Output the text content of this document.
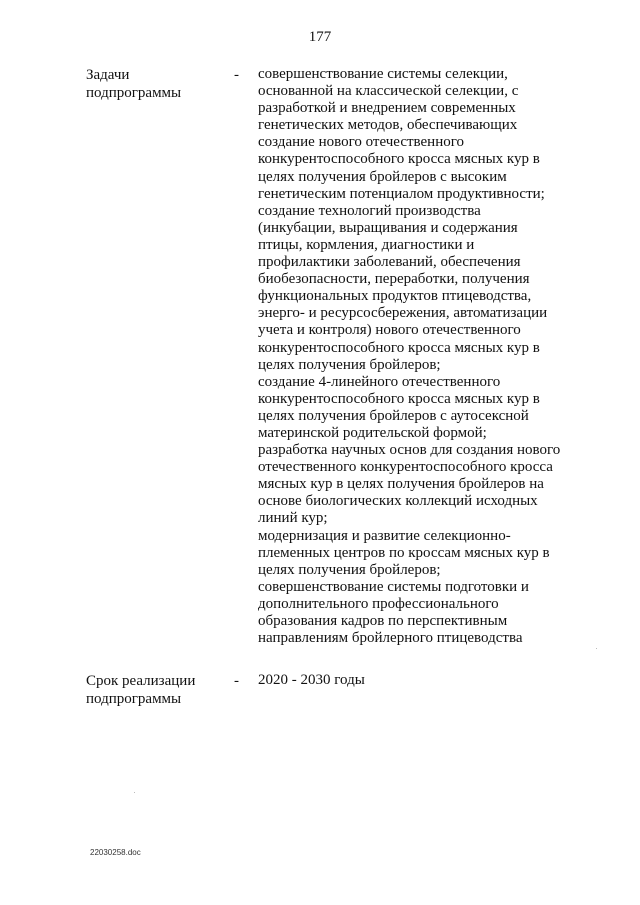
177
Задачи подпрограммы
- совершенствование системы селекции,
основанной на классической селекции, с
разработкой и внедрением современных
генетических методов, обеспечивающих
создание нового отечественного
конкурентоспособного кросса мясных кур в
целях получения бройлеров с высоким
генетическим потенциалом продуктивности;
создание технологий производства
(инкубации, выращивания и содержания
птицы, кормления, диагностики и
профилактики заболеваний, обеспечения
биобезопасности, переработки, получения
функциональных продуктов птицеводства,
энерго- и ресурсосбережения, автоматизации
учета и контроля) нового отечественного
конкурентоспособного кросса мясных кур в
целях получения бройлеров;
создание 4-линейного отечественного
конкурентоспособного кросса мясных кур в
целях получения бройлеров с аутосексной
материнской родительской формой;
разработка научных основ для создания нового
отечественного конкурентоспособного кросса
мясных кур в целях получения бройлеров на
основе биологических коллекций исходных
линий кур;
модернизация и развитие селекционно-
племенных центров по кроссам мясных кур в
целях получения бройлеров;
совершенствование системы подготовки и
дополнительного профессионального
образования кадров по перспективным
направлениям бройлерного птицеводства
Срок реализации
подпрограммы
- 2020 - 2030 годы
22030258.doc
